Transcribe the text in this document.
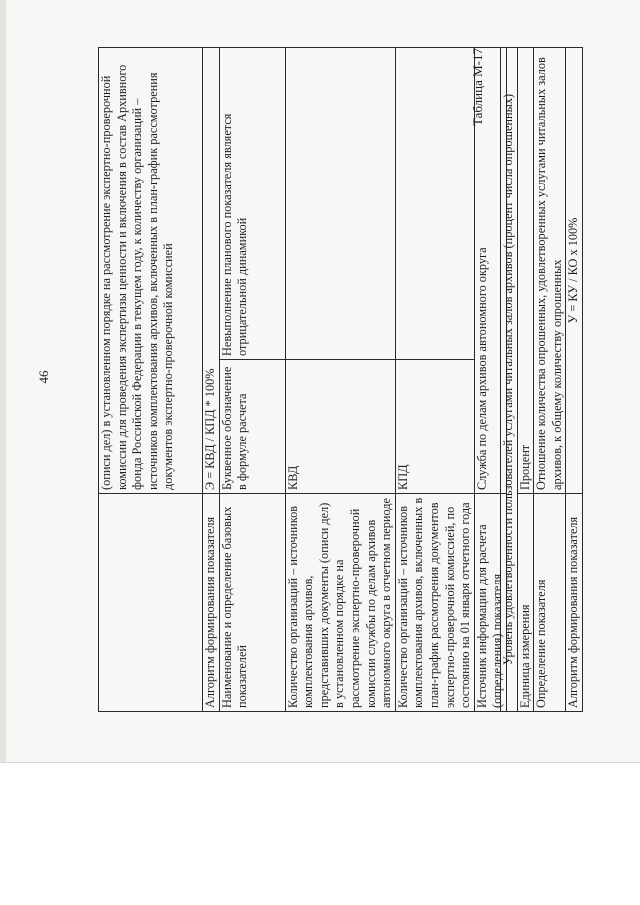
46
		(описи дел) в установленном порядке на рассмотрение экспертно-проверочной комиссии для проведения экспертизы ценности и включения в состав Архивного фонда Российской Федерации в текущем году, к количеству организаций – источников комплектования архивов, включенных в план-график рассмотрения документов экспертно-проверочной комиссией	
Алгоритм формирования показателя	Э = КВД / КПД * 100%	
Наименование и определение базовых показателей	Буквенное обозначение в формуле расчета	Невыполнение планового показателя является отрицательной динамикой
Количество организаций – источников комплектования архивов, представивших документы (описи дел) в установленном порядке на рассмотрение экспертно-проверочной комиссии службы по делам архивов автономного округа в отчетном периоде	КВД	
Количество организаций – источников комплектования архивов, включенных в план-график рассмотрения документов экспертно-проверочной комиссией, по состоянию на 01 января отчетного года	КПД	
Источник информации для расчета (определения) показателя	Служба по делам архивов автономного округа	
Таблица М-17
Уровень удовлетворенности пользователей услугами читальных залов архивов (процент числа опрошенных)	
Единица измерения	Процент
Определение показателя	Отношение количества опрошенных, удовлетворенных услугами читальных залов архивов, к общему количеству опрошенных
Алгоритм формирования показателя	У = КУ / КО х 100%
